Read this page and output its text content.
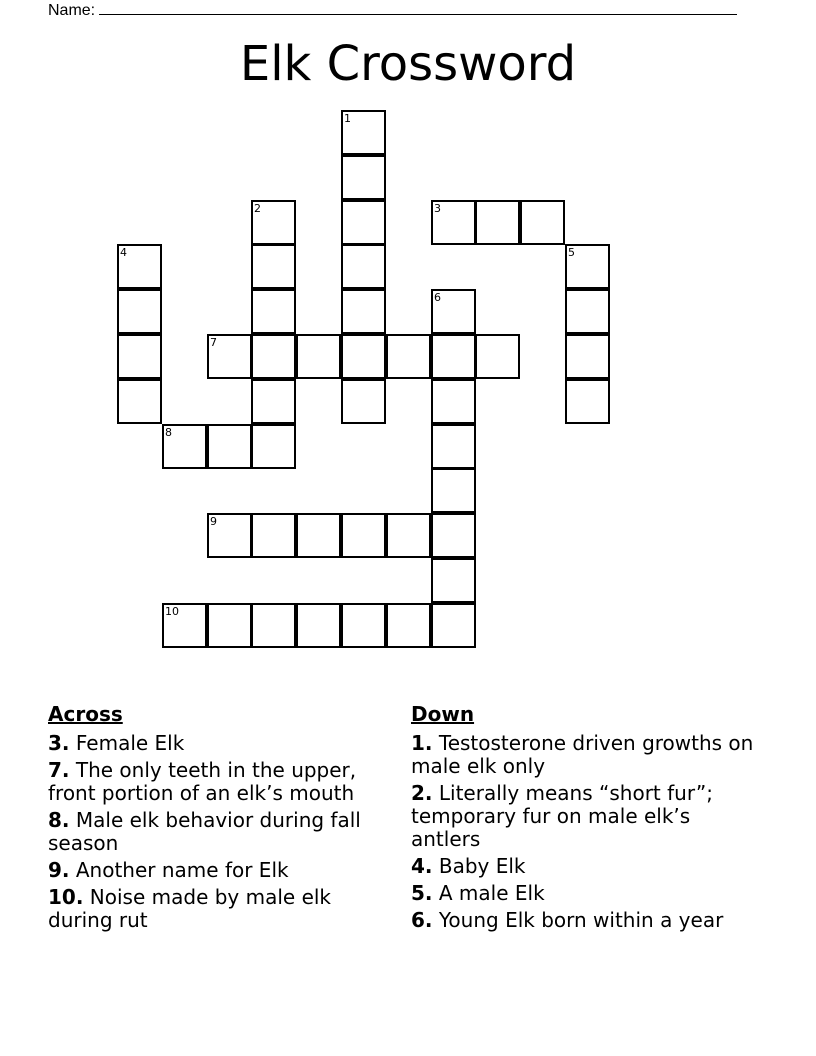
Name:
Elk Crossword
1
2	3
4	5
6
7
8
9
10
Across
3. Female Elk
7. The only teeth in the upper, front portion of an elk’s mouth
8. Male elk behavior during fall season
9. Another name for Elk
10. Noise made by male elk during rut
Down
1. Testosterone driven growths on male elk only
2. Literally means “short fur”; temporary fur on male elk’s antlers
4. Baby Elk
5. A male Elk
6. Young Elk born within a year
